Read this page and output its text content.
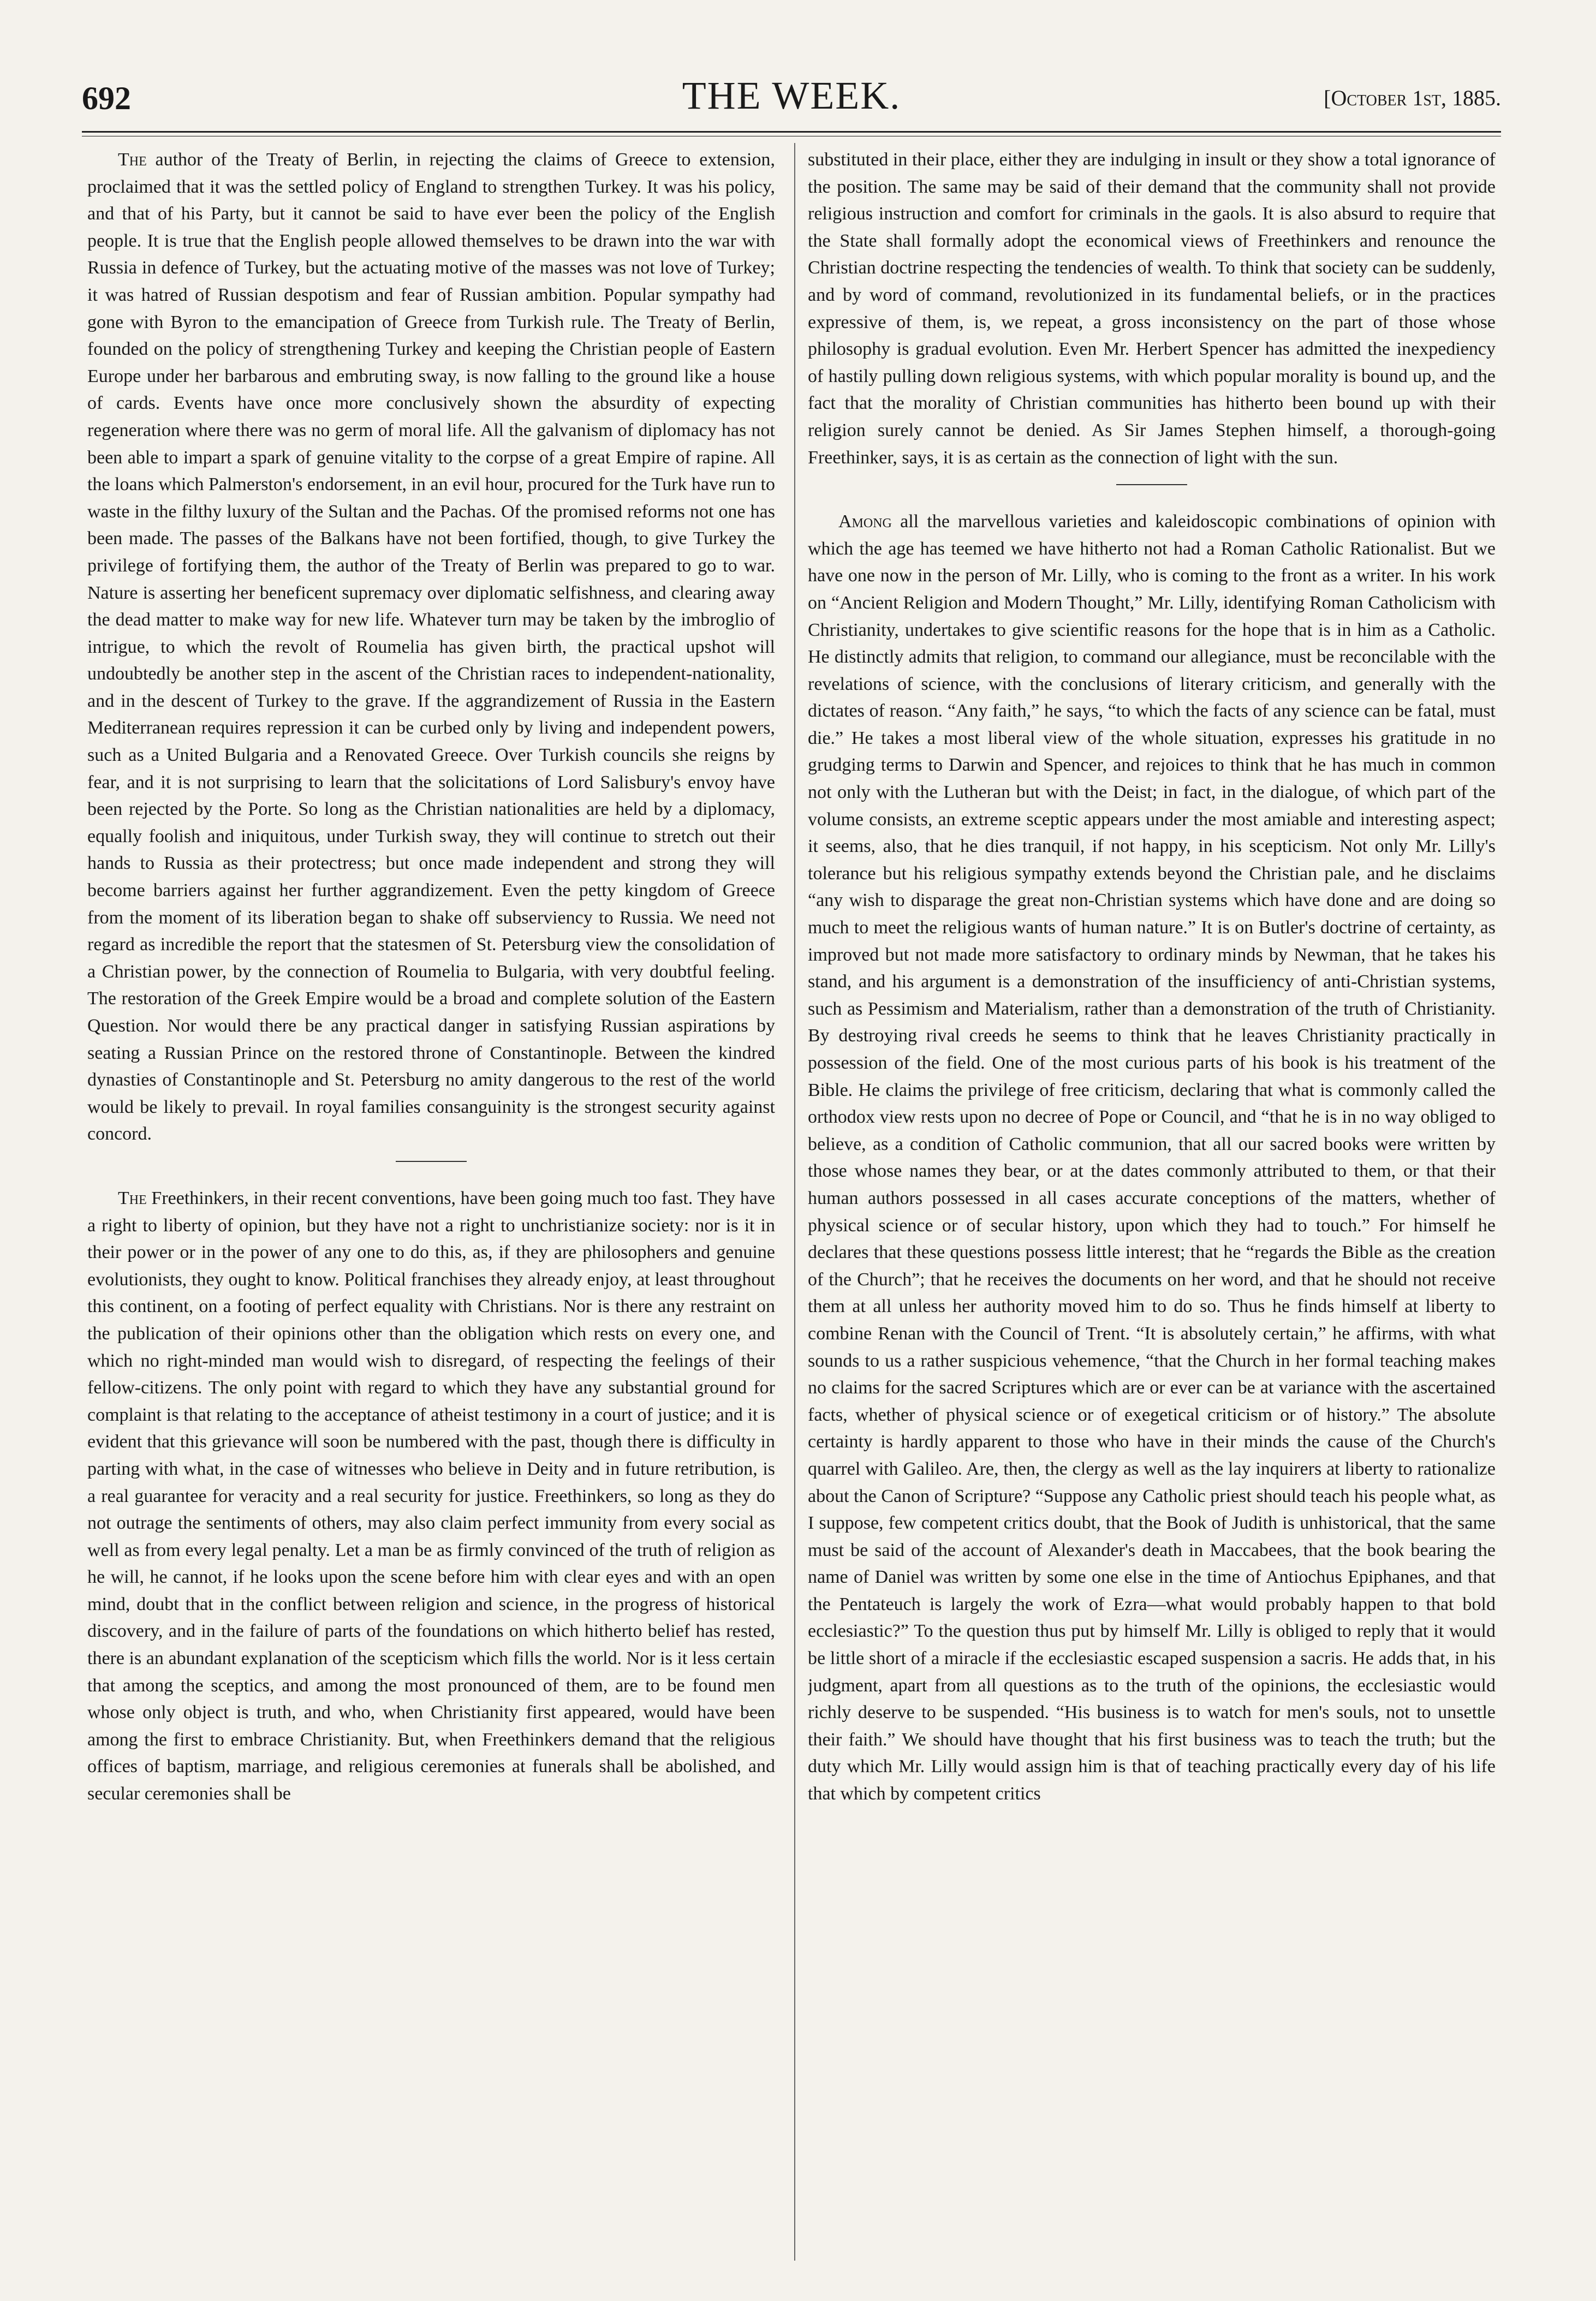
692	THE WEEK.	[October 1st, 1885.

The author of the Treaty of Berlin, in rejecting the claims of Greece to extension, proclaimed that it was the settled policy of England to strengthen Turkey. It was his policy, and that of his Party, but it cannot be said to have ever been the policy of the English people. It is true that the English people allowed themselves to be drawn into the war with Russia in defence of Turkey, but the actuating motive of the masses was not love of Turkey; it was hatred of Russian despotism and fear of Russian ambition. Popular sympathy had gone with Byron to the emancipation of Greece from Turkish rule. The Treaty of Berlin, founded on the policy of strengthening Turkey and keeping the Christian people of Eastern Europe under her barbarous and embruting sway, is now falling to the ground like a house of cards. Events have once more conclusively shown the absurdity of expecting regeneration where there was no germ of moral life. All the galvanism of diplomacy has not been able to impart a spark of genuine vitality to the corpse of a great Empire of rapine. All the loans which Palmerston's endorsement, in an evil hour, procured for the Turk have run to waste in the filthy luxury of the Sultan and the Pachas. Of the promised reforms not one has been made. The passes of the Balkans have not been fortified, though, to give Turkey the privilege of fortifying them, the author of the Treaty of Berlin was prepared to go to war. Nature is asserting her beneficent supremacy over diplomatic selfishness, and clearing away the dead matter to make way for new life. Whatever turn may be taken by the imbroglio of intrigue, to which the revolt of Roumelia has given birth, the practical upshot will undoubtedly be another step in the ascent of the Christian races to independent-nationality, and in the descent of Turkey to the grave. If the aggrandizement of Russia in the Eastern Mediterranean requires repression it can be curbed only by living and independent powers, such as a United Bulgaria and a Renovated Greece. Over Turkish councils she reigns by fear, and it is not surprising to learn that the solicitations of Lord Salisbury's envoy have been rejected by the Porte. So long as the Christian nationalities are held by a diplomacy, equally foolish and iniquitous, under Turkish sway, they will continue to stretch out their hands to Russia as their protectress; but once made independent and strong they will become barriers against her further aggrandizement. Even the petty kingdom of Greece from the moment of its liberation began to shake off subserviency to Russia. We need not regard as incredible the report that the statesmen of St. Petersburg view the consolidation of a Christian power, by the connection of Roumelia to Bulgaria, with very doubtful feeling. The restoration of the Greek Empire would be a broad and complete solution of the Eastern Question. Nor would there be any practical danger in satisfying Russian aspirations by seating a Russian Prince on the restored throne of Constantinople. Between the kindred dynasties of Constantinople and St. Petersburg no amity dangerous to the rest of the world would be likely to prevail. In royal families consanguinity is the strongest security against concord.

The Freethinkers, in their recent conventions, have been going much too fast. They have a right to liberty of opinion, but they have not a right to unchristianize society: nor is it in their power or in the power of any one to do this, as, if they are philosophers and genuine evolutionists, they ought to know. Political franchises they already enjoy, at least throughout this continent, on a footing of perfect equality with Christians. Nor is there any restraint on the publication of their opinions other than the obligation which rests on every one, and which no right-minded man would wish to disregard, of respecting the feelings of their fellow-citizens. The only point with regard to which they have any substantial ground for complaint is that relating to the acceptance of atheist testimony in a court of justice; and it is evident that this grievance will soon be numbered with the past, though there is difficulty in parting with what, in the case of witnesses who believe in Deity and in future retribution, is a real guarantee for veracity and a real security for justice. Freethinkers, so long as they do not outrage the sentiments of others, may also claim perfect immunity from every social as well as from every legal penalty. Let a man be as firmly convinced of the truth of religion as he will, he cannot, if he looks upon the scene before him with clear eyes and with an open mind, doubt that in the conflict between religion and science, in the progress of historical discovery, and in the failure of parts of the foundations on which hitherto belief has rested, there is an abundant explanation of the scepticism which fills the world. Nor is it less certain that among the sceptics, and among the most pronounced of them, are to be found men whose only object is truth, and who, when Christianity first appeared, would have been among the first to embrace Christianity. But, when Freethinkers demand that the religious offices of baptism, marriage, and religious ceremonies at funerals shall be abolished, and secular ceremonies shall be

substituted in their place, either they are indulging in insult or they show a total ignorance of the position. The same may be said of their demand that the community shall not provide religious instruction and comfort for criminals in the gaols. It is also absurd to require that the State shall formally adopt the economical views of Freethinkers and renounce the Christian doctrine respecting the tendencies of wealth. To think that society can be suddenly, and by word of command, revolutionized in its fundamental beliefs, or in the practices expressive of them, is, we repeat, a gross inconsistency on the part of those whose philosophy is gradual evolution. Even Mr. Herbert Spencer has admitted the inexpediency of hastily pulling down religious systems, with which popular morality is bound up, and the fact that the morality of Christian communities has hitherto been bound up with their religion surely cannot be denied. As Sir James Stephen himself, a thorough-going Freethinker, says, it is as certain as the connection of light with the sun.

Among all the marvellous varieties and kaleidoscopic combinations of opinion with which the age has teemed we have hitherto not had a Roman Catholic Rationalist. But we have one now in the person of Mr. Lilly, who is coming to the front as a writer. In his work on “Ancient Religion and Modern Thought,” Mr. Lilly, identifying Roman Catholicism with Christianity, undertakes to give scientific reasons for the hope that is in him as a Catholic. He distinctly admits that religion, to command our allegiance, must be reconcilable with the revelations of science, with the conclusions of literary criticism, and generally with the dictates of reason. “Any faith,” he says, “to which the facts of any science can be fatal, must die.” He takes a most liberal view of the whole situation, expresses his gratitude in no grudging terms to Darwin and Spencer, and rejoices to think that he has much in common not only with the Lutheran but with the Deist; in fact, in the dialogue, of which part of the volume consists, an extreme sceptic appears under the most amiable and interesting aspect; it seems, also, that he dies tranquil, if not happy, in his scepticism. Not only Mr. Lilly's tolerance but his religious sympathy extends beyond the Christian pale, and he disclaims “any wish to disparage the great non-Christian systems which have done and are doing so much to meet the religious wants of human nature.” It is on Butler's doctrine of certainty, as improved but not made more satisfactory to ordinary minds by Newman, that he takes his stand, and his argument is a demonstration of the insufficiency of anti-Christian systems, such as Pessimism and Materialism, rather than a demonstration of the truth of Christianity. By destroying rival creeds he seems to think that he leaves Christianity practically in possession of the field. One of the most curious parts of his book is his treatment of the Bible. He claims the privilege of free criticism, declaring that what is commonly called the orthodox view rests upon no decree of Pope or Council, and “that he is in no way obliged to believe, as a condition of Catholic communion, that all our sacred books were written by those whose names they bear, or at the dates commonly attributed to them, or that their human authors possessed in all cases accurate conceptions of the matters, whether of physical science or of secular history, upon which they had to touch.” For himself he declares that these questions possess little interest; that he “regards the Bible as the creation of the Church”; that he receives the documents on her word, and that he should not receive them at all unless her authority moved him to do so. Thus he finds himself at liberty to combine Renan with the Council of Trent. “It is absolutely certain,” he affirms, with what sounds to us a rather suspicious vehemence, “that the Church in her formal teaching makes no claims for the sacred Scriptures which are or ever can be at variance with the ascertained facts, whether of physical science or of exegetical criticism or of history.” The absolute certainty is hardly apparent to those who have in their minds the cause of the Church's quarrel with Galileo. Are, then, the clergy as well as the lay inquirers at liberty to rationalize about the Canon of Scripture? “Suppose any Catholic priest should teach his people what, as I suppose, few competent critics doubt, that the Book of Judith is unhistorical, that the same must be said of the account of Alexander's death in Maccabees, that the book bearing the name of Daniel was written by some one else in the time of Antiochus Epiphanes, and that the Pentateuch is largely the work of Ezra—what would probably happen to that bold ecclesiastic?” To the question thus put by himself Mr. Lilly is obliged to reply that it would be little short of a miracle if the ecclesiastic escaped suspension a sacris. He adds that, in his judgment, apart from all questions as to the truth of the opinions, the ecclesiastic would richly deserve to be suspended. “His business is to watch for men's souls, not to unsettle their faith.” We should have thought that his first business was to teach the truth; but the duty which Mr. Lilly would assign him is that of teaching practically every day of his life that which by competent critics
